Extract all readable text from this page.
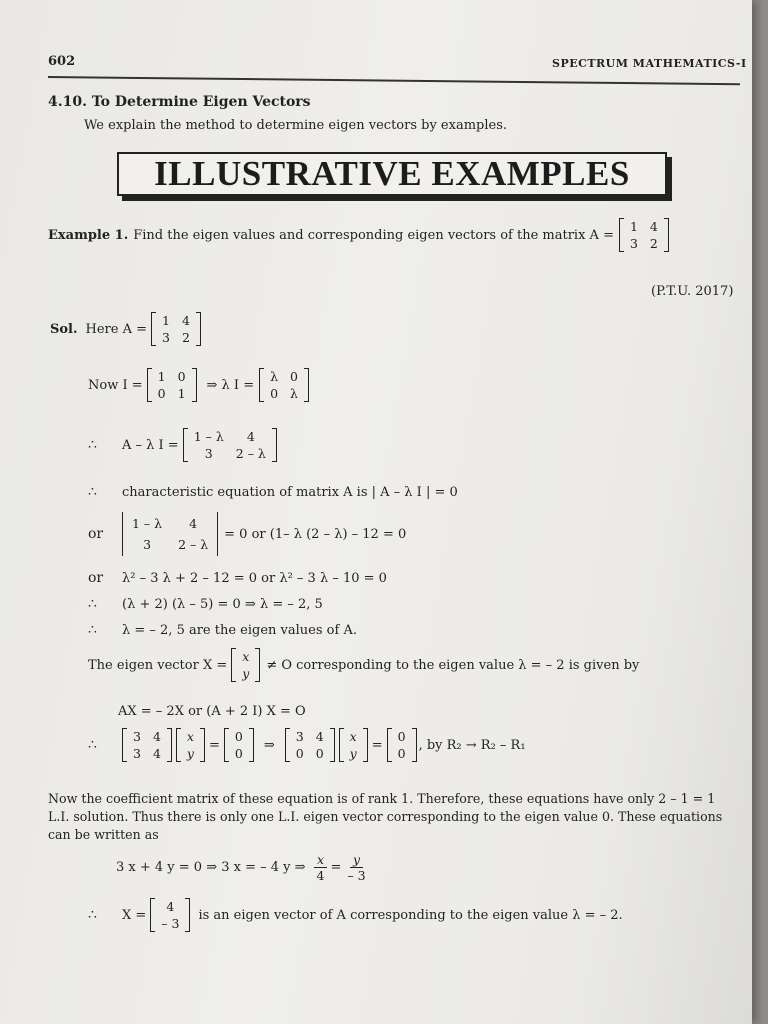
602	SPECTRUM MATHEMATICS-I
4.10. To Determine Eigen Vectors
We explain the method to determine eigen vectors by examples.
ILLUSTRATIVE EXAMPLES
Example 1. Find the eigen values and corresponding eigen vectors of the matrix A =
1	4
3	2
(P.T.U. 2017)
Sol. Here A =
1	4
3	2
Now I =
1	0
0	1
⇒ λ I =
λ	0
0	λ
∴	A – λ I =
1 – λ	4
3	2 – λ
∴	characteristic equation of matrix A is | A – λ I | = 0
or
1 – λ	4
3	2 – λ
= 0 or (1– λ (2 – λ) – 12 = 0
or	λ² – 3 λ + 2 – 12 = 0 or λ² – 3 λ – 10 = 0
∴	(λ + 2) (λ – 5) = 0 ⇒ λ = – 2, 5
∴	λ = – 2, 5 are the eigen values of A.
The eigen vector X =
x
y
≠ O corresponding to the eigen value λ = – 2 is given by
AX = – 2X or (A + 2 I) X = O
∴
3	4
3	4
x
y
=
0
0
⇒
3	4
0	0
x
y
=
0
0
, by R₂ → R₂ – R₁
Now the coefficient matrix of these equation is of rank 1. Therefore, these equations have only 2 – 1 = 1 L.I. solution. Thus there is only one L.I. eigen vector corresponding to the eigen value 0. These equations can be written as
3 x + 4 y = 0 ⇒ 3 x = – 4 y ⇒ $\frac{x}{4} = \frac{y}{- 3}$
∴	X =
4
– 3
is an eigen vector of A corresponding to the eigen value λ = – 2.
